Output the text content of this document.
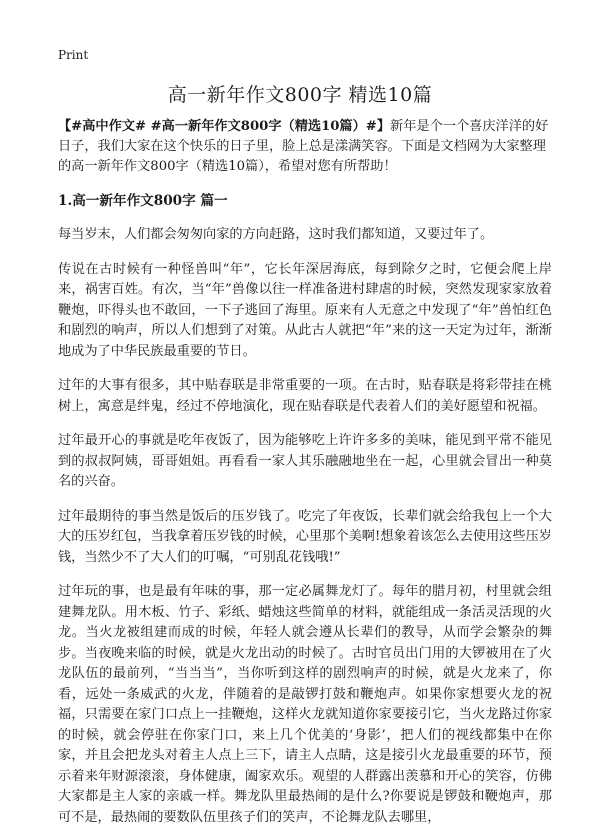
Print
高一新年作文800字 精选10篇

【#高中作文# #高一新年作文800字（精选10篇）#】新年是个一个喜庆洋洋的好日子，我们大家在这个快乐的日子里，脸上总是漾满笑容。下面是文档网为大家整理的高一新年作文800字（精选10篇），希望对您有所帮助！

1.高一新年作文800字 篇一

每当岁末，人们都会匆匆向家的方向赶路，这时我们都知道，又要过年了。

传说在古时候有一种怪兽叫“年”，它长年深居海底，每到除夕之时，它便会爬上岸来，祸害百姓。有次，当“年”兽像以往一样准备进村肆虐的时候，突然发现家家放着鞭炮，吓得头也不敢回，一下子逃回了海里。原来有人无意之中发现了“年”兽怕红色和剧烈的响声，所以人们想到了对策。从此古人就把“年”来的这一天定为过年，渐渐地成为了中华民族最重要的节日。

过年的大事有很多，其中贴春联是非常重要的一项。在古时，贴春联是将彩带挂在桃树上，寓意是绊鬼，经过不停地演化，现在贴春联是代表着人们的美好愿望和祝福。

过年最开心的事就是吃年夜饭了，因为能够吃上许许多多的美味，能见到平常不能见到的叔叔阿姨，哥哥姐姐。再看看一家人其乐融融地坐在一起，心里就会冒出一种莫名的兴奋。

过年最期待的事当然是饭后的压岁钱了。吃完了年夜饭，长辈们就会给我包上一个大大的压岁红包，当我拿着压岁钱的时候，心里那个美啊!想象着该怎么去使用这些压岁钱，当然少不了大人们的叮嘱，“可别乱花钱哦!”

过年玩的事，也是最有年味的事，那一定必属舞龙灯了。每年的腊月初，村里就会组建舞龙队。用木板、竹子、彩纸、蜡烛这些简单的材料，就能组成一条活灵活现的火龙。当火龙被组建而成的时候，年轻人就会遵从长辈们的教导，从而学会繁杂的舞步。当夜晚来临的时候，就是火龙出动的时候了。古时官员出门用的大锣被用在了火龙队伍的最前列，“当当当”，当你听到这样的剧烈响声的时候，就是火龙来了，你看，远处一条威武的火龙，伴随着的是敲锣打鼓和鞭炮声。如果你家想要火龙的祝福，只需要在家门口点上一挂鞭炮，这样火龙就知道你家要接引它，当火龙路过你家的时候，就会停驻在你家门口，来上几个优美的‘身影’，把人们的视线都集中在你家，并且会把龙头对着主人点上三下，请主人点睛，这是接引火龙最重要的环节，预示着来年财源滚滚，身体健康，阖家欢乐。观望的人群露出羡慕和开心的笑容，仿佛大家都是主人家的亲戚一样。舞龙队里最热闹的是什么?你要说是锣鼓和鞭炮声，那可不是，最热闹的要数队伍里孩子们的笑声，不论舞龙队去哪里，
